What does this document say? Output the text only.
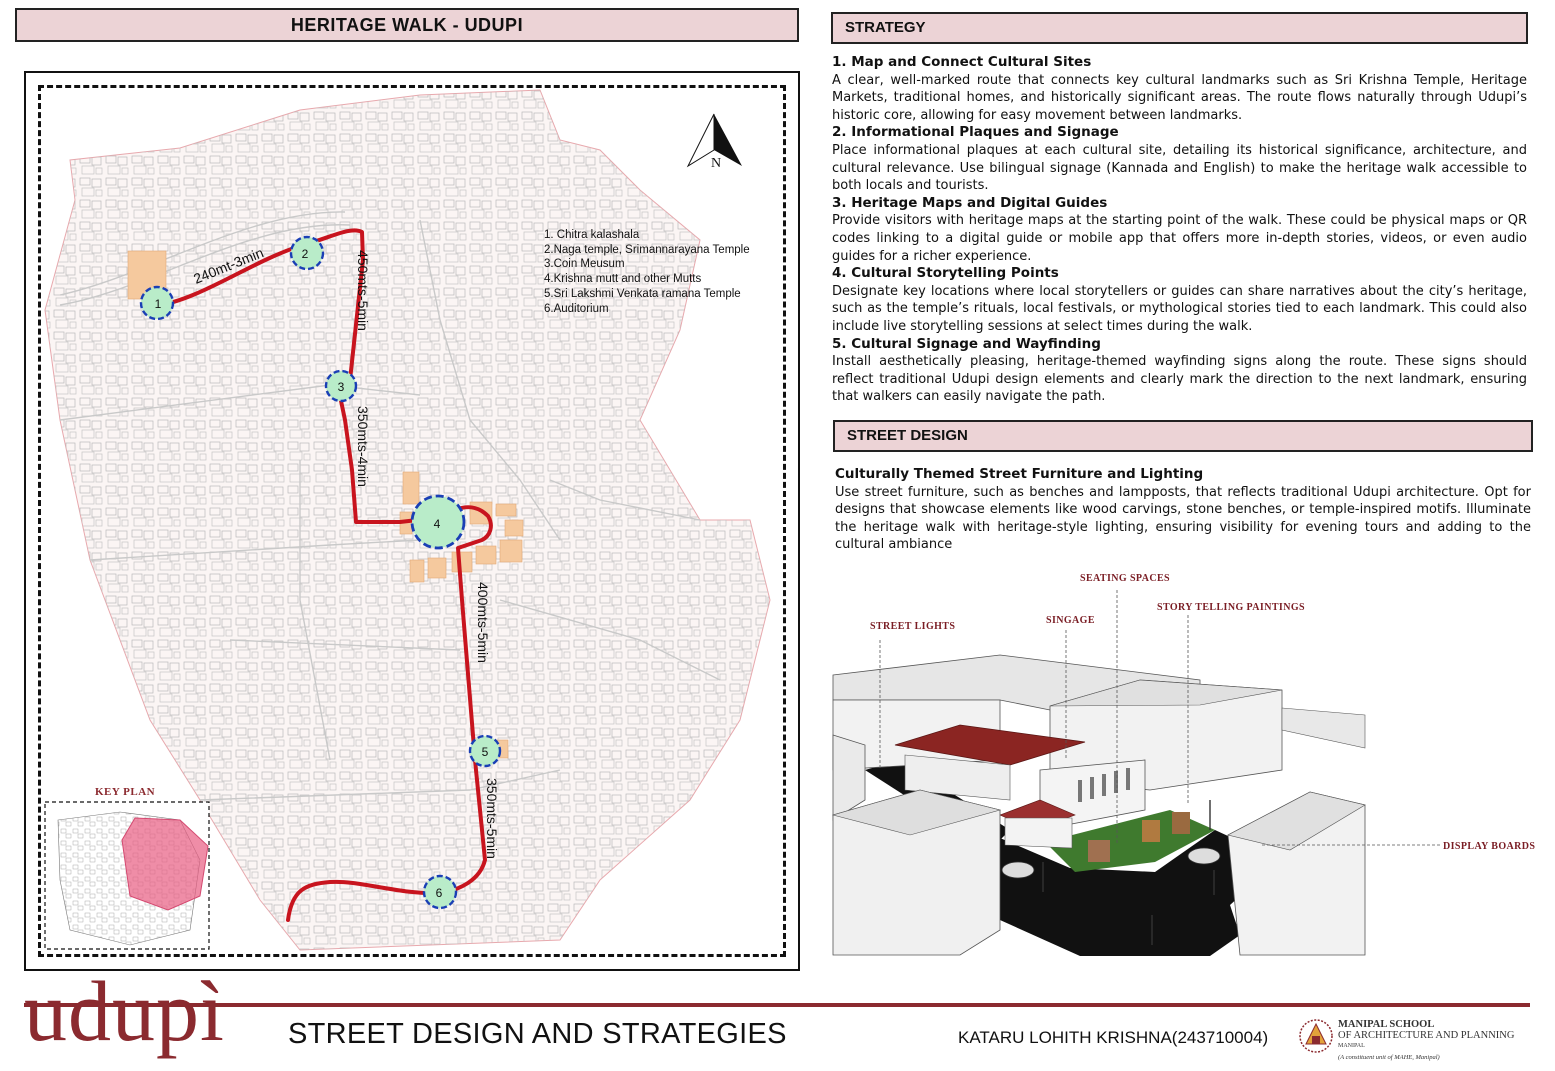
HERITAGE WALK - UDUPI
1
2
3
4
5
6
240mt-3min	450mts-5min
350mts-4min
400mts-5min
350mts-5min
N
1. Chitra kalashala
2.Naga temple, Srimannarayana Temple
3.Coin Meusum
4.Krishna mutt and other Mutts
5.Sri Lakshmi Venkata ramana Temple
6.Auditorium
KEY PLAN
STRATEGY
1. Map and Connect Cultural Sites

A clear, well-marked route that connects key cultural landmarks such as Sri Krishna Temple, Heritage Markets, traditional homes, and historically significant areas. The route flows naturally through Udupi’s historic core, allowing for easy movement between landmarks.

2. Informational Plaques and Signage

Place informational plaques at each cultural site, detailing its historical significance, architecture, and cultural relevance. Use bilingual signage (Kannada and English) to make the heritage walk accessible to both locals and tourists.

3. Heritage Maps and Digital Guides

Provide visitors with heritage maps at the starting point of the walk. These could be physical maps or QR codes linking to a digital guide or mobile app that offers more in-depth stories, videos, or even audio guides for a richer experience.

4. Cultural Storytelling Points

Designate key locations where local storytellers or guides can share narratives about the city’s heritage, such as the temple’s rituals, local festivals, or mythological stories tied to each landmark. This could also include live storytelling sessions at select times during the walk.

5. Cultural Signage and Wayfinding

Install aesthetically pleasing, heritage-themed wayfinding signs along the route. These signs should reflect traditional Udupi design elements and clearly mark the direction to the next landmark, ensuring that walkers can easily navigate the path.

STREET DESIGN
Culturally Themed Street Furniture and Lighting

Use street furniture, such as benches and lampposts, that reflects traditional Udupi architecture. Opt for designs that showcase elements like wood carvings, stone benches, or temple-inspired motifs. Illuminate the heritage walk with heritage-style lighting, ensuring visibility for evening tours and adding to the cultural ambiance

SEATING SPACES
STORY TELLING PAINTINGS
STREET LIGHTS
SINGAGE
DISPLAY BOARDS
udupì STREET DESIGN AND STRATEGIES	KATARU LOHITH KRISHNA(243710004)
MANIPAL SCHOOL
OF ARCHITECTURE AND PLANNING
MANIPAL
(A constituent unit of MAHE, Manipal)
